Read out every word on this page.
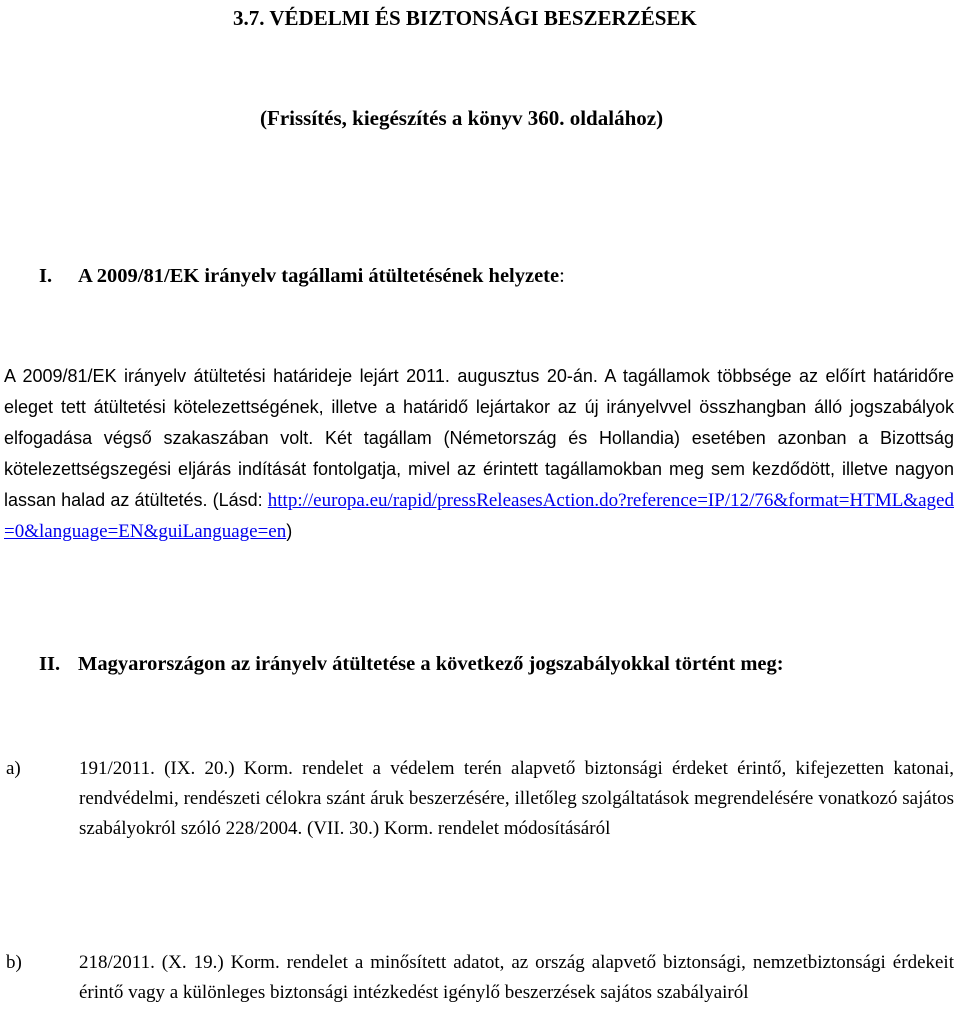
3.7. VÉDELMI ÉS BIZTONSÁGI BESZERZÉSEK
(Frissítés, kiegészítés a könyv 360. oldalához)
I. A 2009/81/EK irányelv tagállami átültetésének helyzete:

A 2009/81/EK irányelv átültetési határideje lejárt 2011. augusztus 20-án. A tagállamok többsége az előírt határidőre eleget tett átültetési kötelezettségének, illetve a határidő lejártakor az új irányelvvel összhangban álló jogszabályok elfogadása végső szakaszában volt. Két tagállam (Németország és Hollandia) esetében azonban a Bizottság kötelezettségszegési eljárás indítását fontolgatja, mivel az érintett tagállamokban meg sem kezdődött, illetve nagyon lassan halad az átültetés. (Lásd: http://europa.eu/rapid/pressReleasesAction.do?reference=IP/12/76&format=HTML&aged=0&language=EN&guiLanguage=en)

II. Magyarországon az irányelv átültetése a következő jogszabályokkal történt meg:
a)	191/2011. (IX. 20.) Korm. rendelet a védelem terén alapvető biztonsági érdeket érintő, kifejezetten katonai, rendvédelmi, rendészeti célokra szánt áruk beszerzésére, illetőleg szolgáltatások megrendelésére vonatkozó sajátos szabályokról szóló 228/2004. (VII. 30.) Korm. rendelet módosításáról
b)	218/2011. (X. 19.) Korm. rendelet a minősített adatot, az ország alapvető biztonsági, nemzetbiztonsági érdekeit érintő vagy a különleges biztonsági intézkedést igénylő beszerzések sajátos szabályairól
